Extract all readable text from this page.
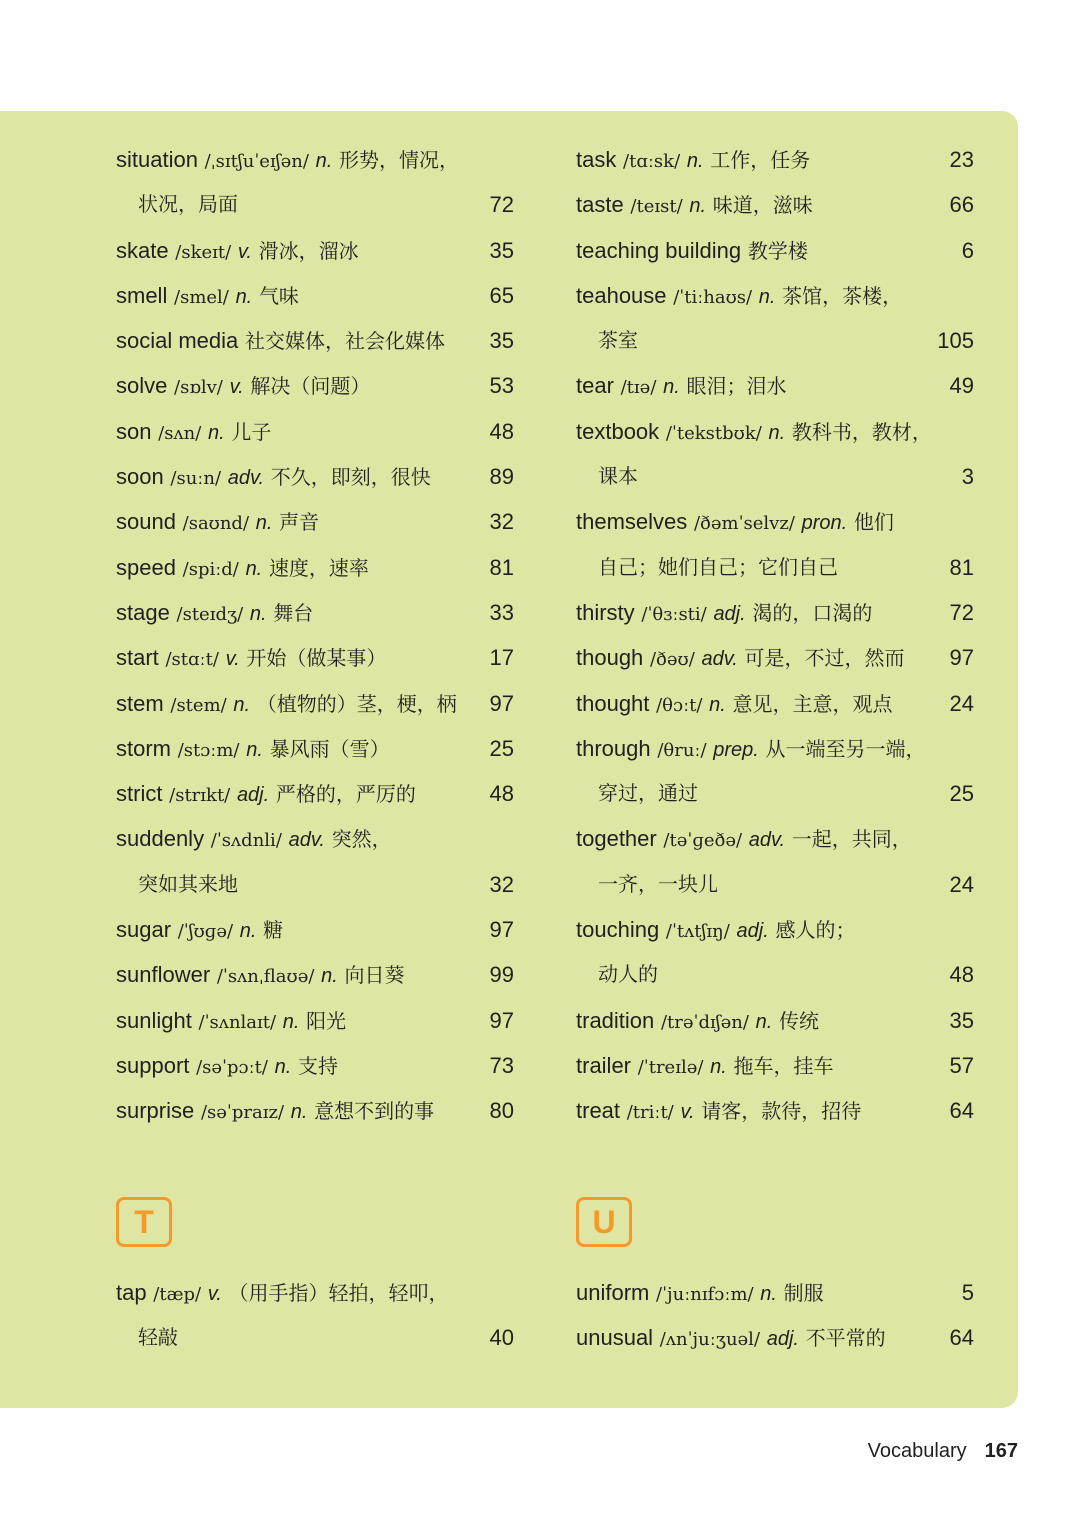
situation /ˌsɪtʃuˈeɪʃən/ n. 形势，情况，
状况，局面	72
skate /skeɪt/ v. 滑冰，溜冰	35
smell /smel/ n. 气味	65
social media 社交媒体，社会化媒体 35
solve /sɒlv/ v. 解决（问题）	53
son /sʌn/ n. 儿子	48
soon /suːn/ adv. 不久，即刻，很快	89
sound /saʊnd/ n. 声音	32
speed /spiːd/ n. 速度，速率	81
stage /steɪdʒ/ n. 舞台	33
start /stɑːt/ v. 开始（做某事）	17
stem /stem/ n. （植物的）茎，梗，柄 97
storm /stɔːm/ n. 暴风雨（雪）	25
strict /strɪkt/ adj. 严格的，严厉的	48
suddenly /ˈsʌdnli/ adv. 突然，
突如其来地	32
sugar /ˈʃʊɡə/ n. 糖	97
sunflower /ˈsʌnˌflaʊə/ n. 向日葵	99
sunlight /ˈsʌnlaɪt/ n. 阳光	97
support /səˈpɔːt/ n. 支持	73
surprise /səˈpraɪz/ n. 意想不到的事	80
task /tɑːsk/ n. 工作，任务	23
taste /teɪst/ n. 味道，滋味	66
teaching building 教学楼	6
teahouse /ˈtiːhaʊs/ n. 茶馆，茶楼，
茶室	105
tear /tɪə/ n. 眼泪；泪水	49
textbook /ˈtekstbʊk/ n. 教科书，教材，
课本	3
themselves /ðəmˈselvz/ pron. 他们
自己；她们自己；它们自己	81
thirsty /ˈθɜːsti/ adj. 渴的，口渴的	72
though /ðəʊ/ adv. 可是，不过，然而 97
thought /θɔːt/ n. 意见，主意，观点	24
through /θruː/ prep. 从一端至另一端，
穿过，通过	25
together /təˈɡeðə/ adv. 一起，共同，
一齐，一块儿	24
touching /ˈtʌtʃɪŋ/ adj. 感人的；
动人的	48
tradition /trəˈdɪʃən/ n. 传统	35
trailer /ˈtreɪlə/ n. 拖车，挂车	57
treat /triːt/ v. 请客，款待，招待	64
T	U
tap /tæp/ v. （用手指）轻拍，轻叩，
轻敲	40
uniform /ˈjuːnɪfɔːm/ n. 制服	5
unusual /ʌnˈjuːʒuəl/ adj. 不平常的	64
Vocabulary 167
